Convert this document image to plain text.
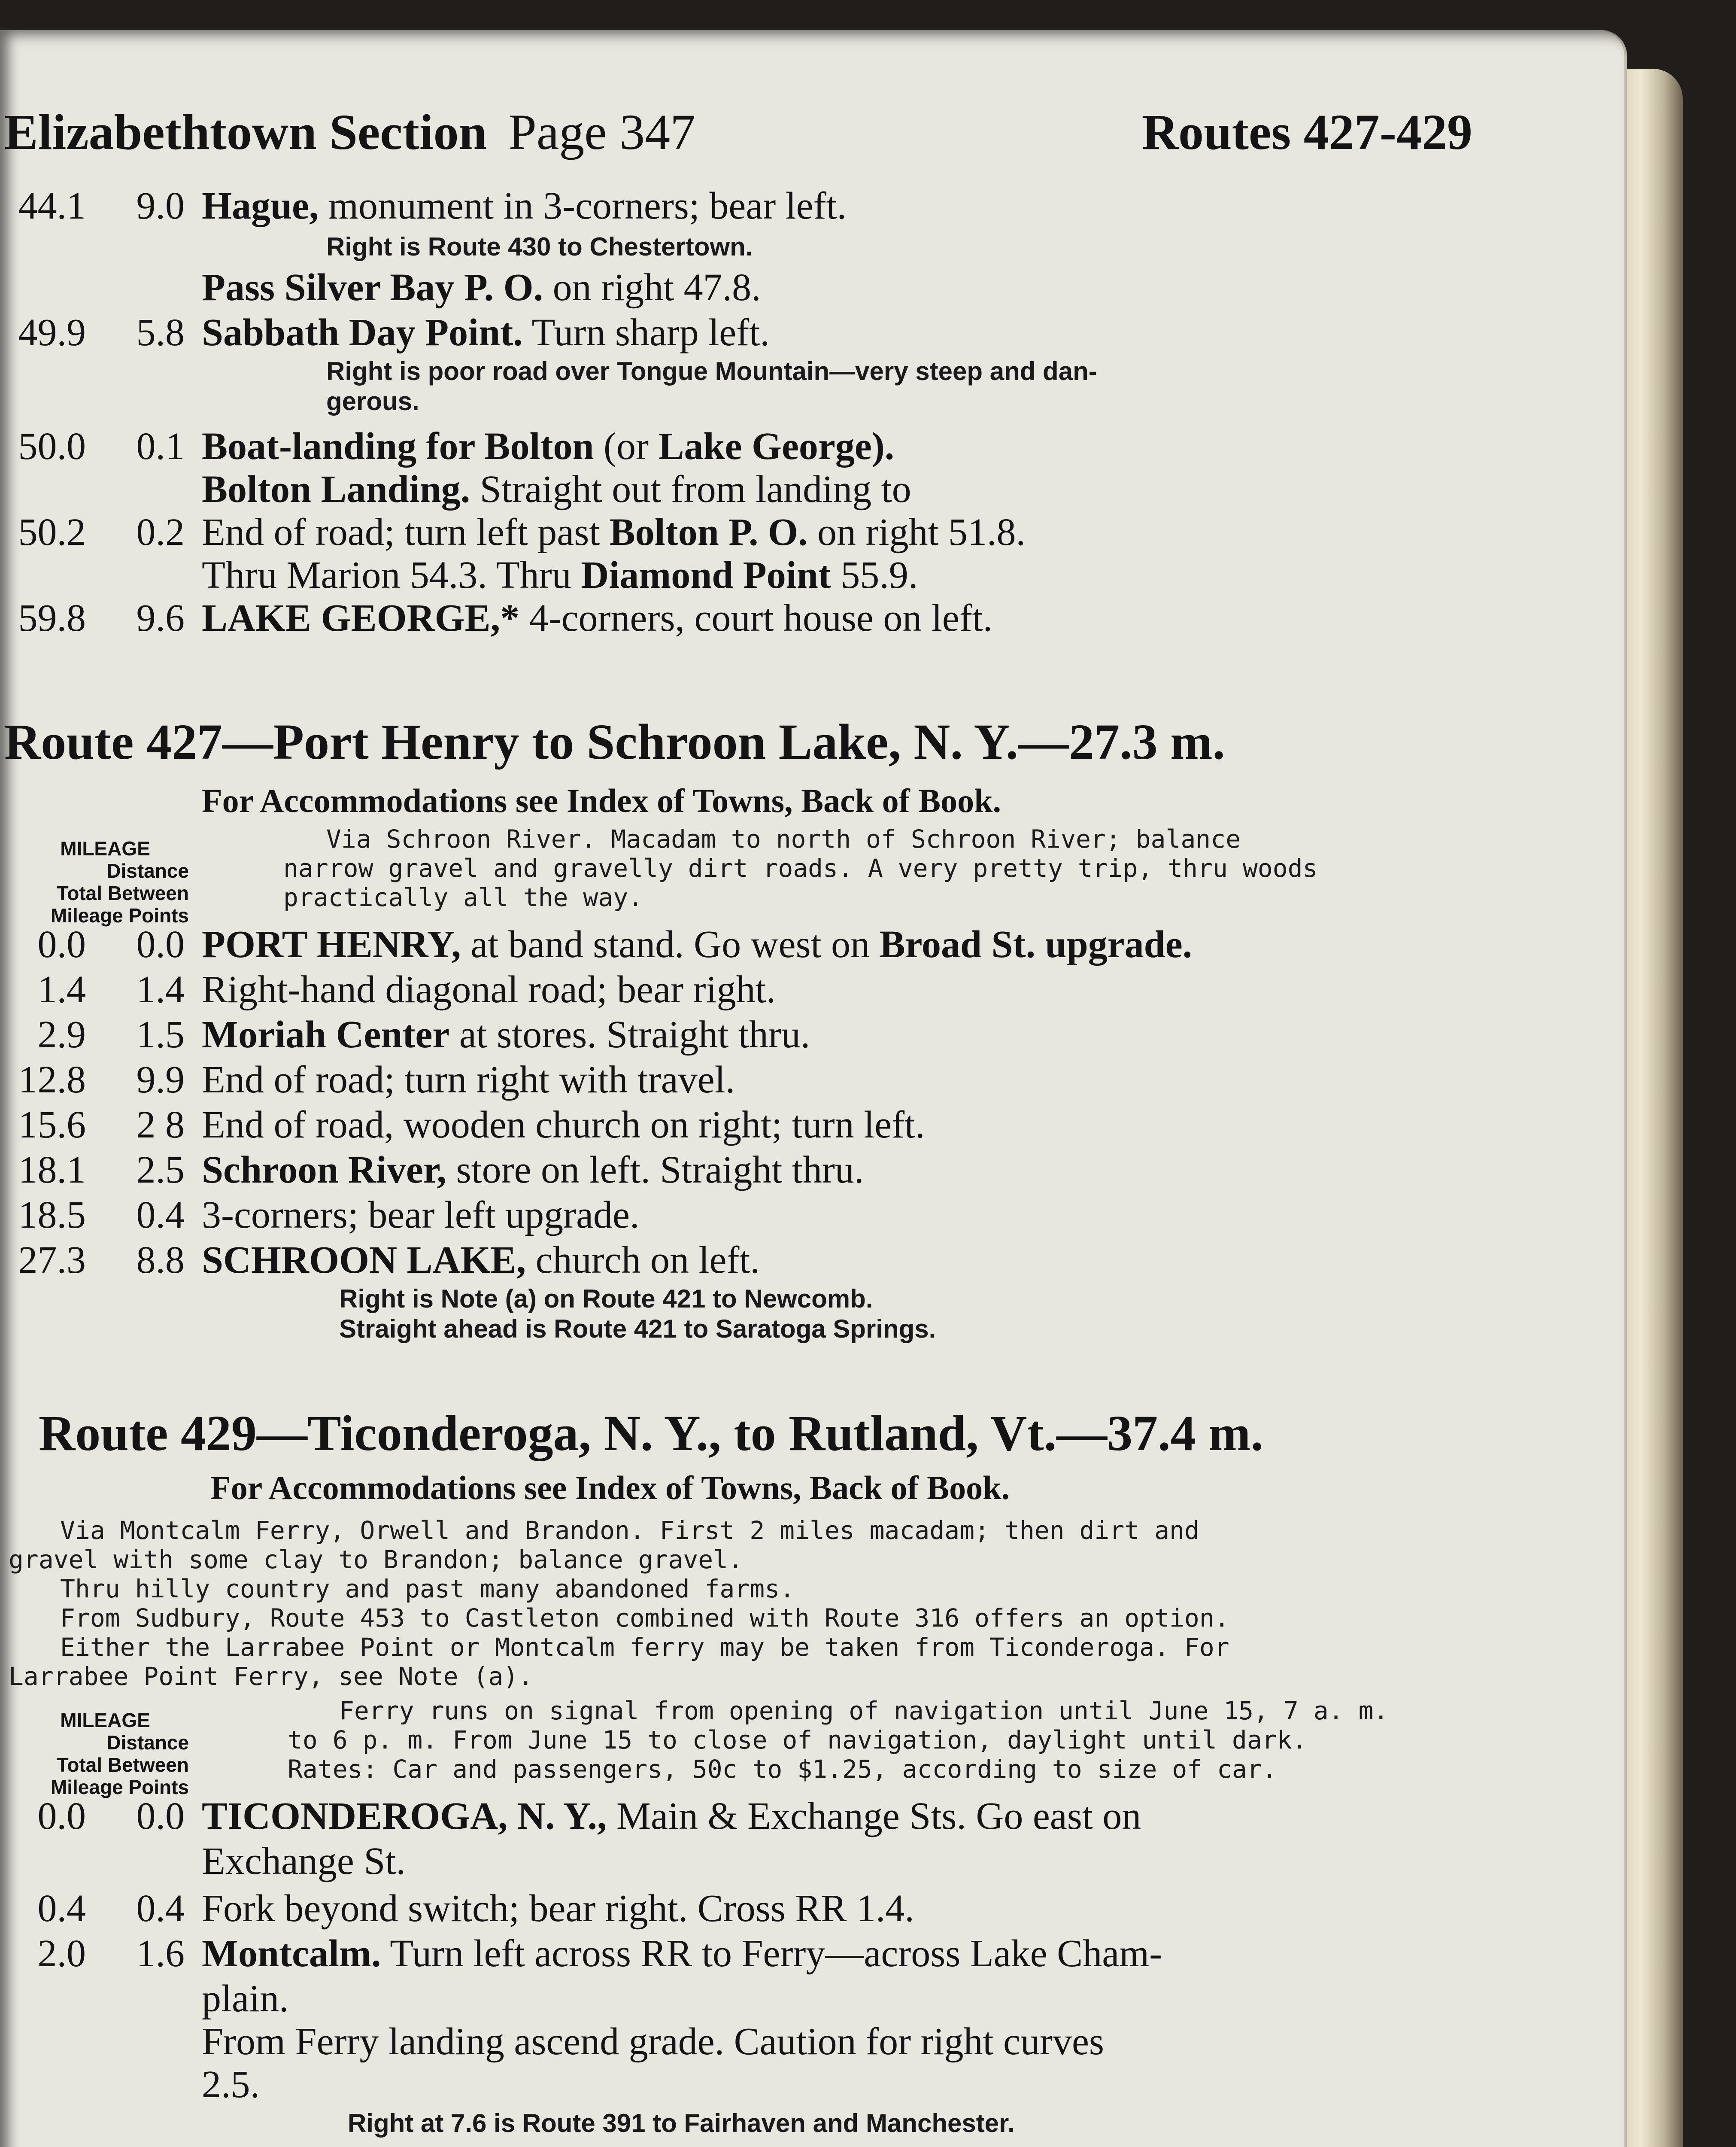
Elizabethtown Section Page 347	Routes 427-429
44.1	9.0 Hague, monument in 3-corners; bear left.
Right is Route 430 to Chestertown.
Pass Silver Bay P. O. on right 47.8.
49.9	5.8 Sabbath Day Point. Turn sharp left.
Right is poor road over Tongue Mountain—very steep and dan-
gerous.
50.0	0.1 Boat-landing for Bolton (or Lake George).
Bolton Landing. Straight out from landing to
50.2	0.2 End of road; turn left past Bolton P. O. on right 51.8.
Thru Marion 54.3. Thru Diamond Point 55.9.
59.8	9.6 LAKE GEORGE,* 4-corners, court house on left.
Route 427—Port Henry to Schroon Lake, N. Y.—27.3 m.
For Accommodations see Index of Towns, Back of Book.
MILEAGE
Distance
Total Between
Mileage Points
Via Schroon River. Macadam to north of Schroon River; balance
narrow gravel and gravelly dirt roads. A very pretty trip, thru woods
practically all the way.
0.0	0.0 PORT HENRY, at band stand. Go west on Broad St. upgrade.
1.4	1.4 Right-hand diagonal road; bear right.
2.9	1.5 Moriah Center at stores. Straight thru.
12.8	9.9 End of road; turn right with travel.
15.6	2 8 End of road, wooden church on right; turn left.
18.1	2.5 Schroon River, store on left. Straight thru.
18.5	0.4 3-corners; bear left upgrade.
27.3	8.8 SCHROON LAKE, church on left.
Right is Note (a) on Route 421 to Newcomb.
Straight ahead is Route 421 to Saratoga Springs.
Route 429—Ticonderoga, N. Y., to Rutland, Vt.—37.4 m.
For Accommodations see Index of Towns, Back of Book.
Via Montcalm Ferry, Orwell and Brandon. First 2 miles macadam; then dirt and
gravel with some clay to Brandon; balance gravel.
Thru hilly country and past many abandoned farms.
From Sudbury, Route 453 to Castleton combined with Route 316 offers an option.
Either the Larrabee Point or Montcalm ferry may be taken from Ticonderoga. For
Larrabee Point Ferry, see Note (a).
MILEAGE
Distance
Total Between
Mileage Points
Ferry runs on signal from opening of navigation until June 15, 7 a. m.
to 6 p. m. From June 15 to close of navigation, daylight until dark.
Rates: Car and passengers, 50c to $1.25, according to size of car.
0.0	0.0 TICONDEROGA, N. Y., Main & Exchange Sts. Go east on
Exchange St.
0.4	0.4 Fork beyond switch; bear right. Cross RR 1.4.
2.0	1.6 Montcalm. Turn left across RR to Ferry—across Lake Cham-
plain.
From Ferry landing ascend grade. Caution for right curves
2.5.
Right at 7.6 is Route 391 to Fairhaven and Manchester.
